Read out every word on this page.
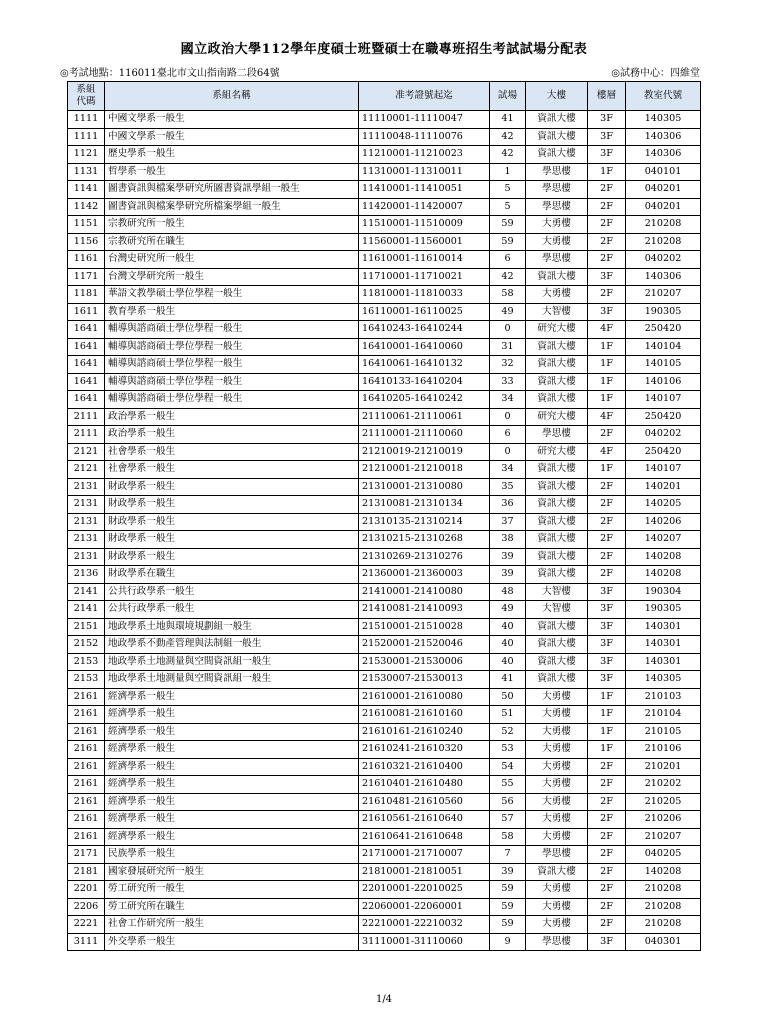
國立政治大學112學年度碩士班暨碩士在職專班招生考試試場分配表
◎考試地點：116011臺北市文山指南路二段64號	◎試務中心：四維堂
系組
代碼	系組名稱	准考證號起迄	試場	大樓	樓層	教室代號
1111	中國文學系一般生	11110001-11110047	41	資訊大樓	3F	140305
1111	中國文學系一般生	11110048-11110076	42	資訊大樓	3F	140306
1121	歷史學系一般生	11210001-11210023	42	資訊大樓	3F	140306
1131	哲學系一般生	11310001-11310011	1	學思樓	1F	040101
1141	圖書資訊與檔案學研究所圖書資訊學組一般生	11410001-11410051	5	學思樓	2F	040201
1142	圖書資訊與檔案學研究所檔案學組一般生	11420001-11420007	5	學思樓	2F	040201
1151	宗教研究所一般生	11510001-11510009	59	大勇樓	2F	210208
1156	宗教研究所在職生	11560001-11560001	59	大勇樓	2F	210208
1161	台灣史研究所一般生	11610001-11610014	6	學思樓	2F	040202
1171	台灣文學研究所一般生	11710001-11710021	42	資訊大樓	3F	140306
1181	華語文教學碩士學位學程一般生	11810001-11810033	58	大勇樓	2F	210207
1611	教育學系一般生	16110001-16110025	49	大智樓	3F	190305
1641	輔導與諮商碩士學位學程一般生	16410243-16410244	0	研究大樓	4F	250420
1641	輔導與諮商碩士學位學程一般生	16410001-16410060	31	資訊大樓	1F	140104
1641	輔導與諮商碩士學位學程一般生	16410061-16410132	32	資訊大樓	1F	140105
1641	輔導與諮商碩士學位學程一般生	16410133-16410204	33	資訊大樓	1F	140106
1641	輔導與諮商碩士學位學程一般生	16410205-16410242	34	資訊大樓	1F	140107
2111	政治學系一般生	21110061-21110061	0	研究大樓	4F	250420
2111	政治學系一般生	21110001-21110060	6	學思樓	2F	040202
2121	社會學系一般生	21210019-21210019	0	研究大樓	4F	250420
2121	社會學系一般生	21210001-21210018	34	資訊大樓	1F	140107
2131	財政學系一般生	21310001-21310080	35	資訊大樓	2F	140201
2131	財政學系一般生	21310081-21310134	36	資訊大樓	2F	140205
2131	財政學系一般生	21310135-21310214	37	資訊大樓	2F	140206
2131	財政學系一般生	21310215-21310268	38	資訊大樓	2F	140207
2131	財政學系一般生	21310269-21310276	39	資訊大樓	2F	140208
2136	財政學系在職生	21360001-21360003	39	資訊大樓	2F	140208
2141	公共行政學系一般生	21410001-21410080	48	大智樓	3F	190304
2141	公共行政學系一般生	21410081-21410093	49	大智樓	3F	190305
2151	地政學系土地與環境規劃組一般生	21510001-21510028	40	資訊大樓	3F	140301
2152	地政學系不動產管理與法制組一般生	21520001-21520046	40	資訊大樓	3F	140301
2153	地政學系土地測量與空間資訊組一般生	21530001-21530006	40	資訊大樓	3F	140301
2153	地政學系土地測量與空間資訊組一般生	21530007-21530013	41	資訊大樓	3F	140305
2161	經濟學系一般生	21610001-21610080	50	大勇樓	1F	210103
2161	經濟學系一般生	21610081-21610160	51	大勇樓	1F	210104
2161	經濟學系一般生	21610161-21610240	52	大勇樓	1F	210105
2161	經濟學系一般生	21610241-21610320	53	大勇樓	1F	210106
2161	經濟學系一般生	21610321-21610400	54	大勇樓	2F	210201
2161	經濟學系一般生	21610401-21610480	55	大勇樓	2F	210202
2161	經濟學系一般生	21610481-21610560	56	大勇樓	2F	210205
2161	經濟學系一般生	21610561-21610640	57	大勇樓	2F	210206
2161	經濟學系一般生	21610641-21610648	58	大勇樓	2F	210207
2171	民族學系一般生	21710001-21710007	7	學思樓	2F	040205
2181	國家發展研究所一般生	21810001-21810051	39	資訊大樓	2F	140208
2201	勞工研究所一般生	22010001-22010025	59	大勇樓	2F	210208
2206	勞工研究所在職生	22060001-22060001	59	大勇樓	2F	210208
2221	社會工作研究所一般生	22210001-22210032	59	大勇樓	2F	210208
3111	外交學系一般生	31110001-31110060	9	學思樓	3F	040301
1/4
